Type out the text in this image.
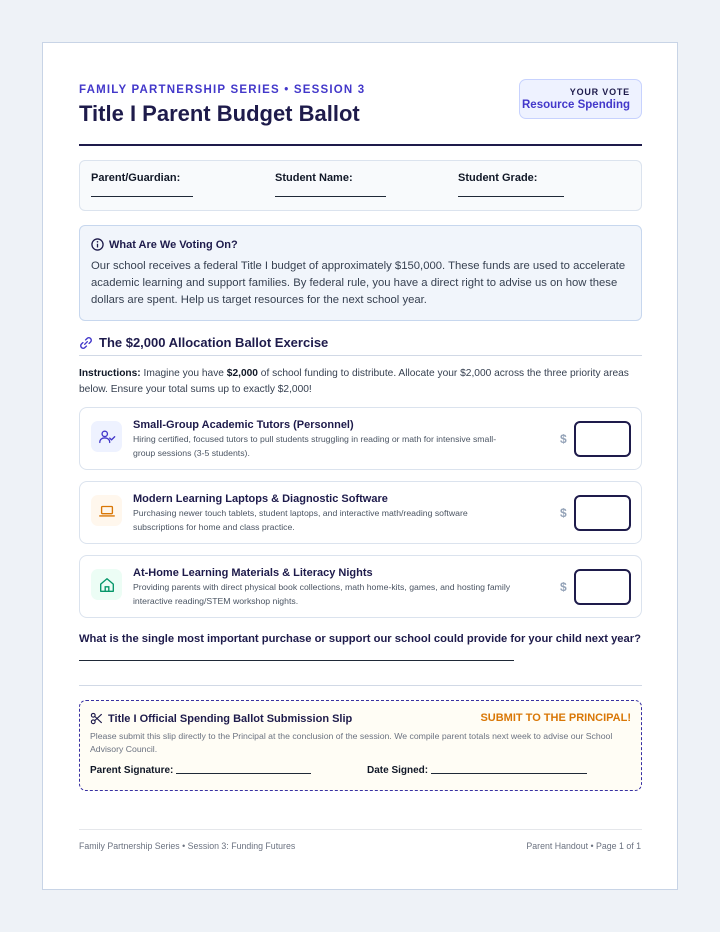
FAMILY PARTNERSHIP SERIES • SESSION 3
Title I Parent Budget Ballot
YOUR VOTE
Resource Spending
Parent/Guardian:	Student Name:	Student Grade:
What Are We Voting On?
Our school receives a federal Title I budget of approximately $150,000. These funds are used to accelerate academic learning and support families. By federal rule, you have a direct right to advise us on how these dollars are spent. Help us target resources for the next school year.
The $2,000 Allocation Ballot Exercise
Instructions: Imagine you have $2,000 of school funding to distribute. Allocate your $2,000 across the three priority areas below. Ensure your total sums up to exactly $2,000!
Small-Group Academic Tutors (Personnel)
Hiring certified, focused tutors to pull students struggling in reading or math for intensive small-group sessions (3-5 students).
$
Modern Learning Laptops & Diagnostic Software
Purchasing newer touch tablets, student laptops, and interactive math/reading software subscriptions for home and class practice.
$
At-Home Learning Materials & Literacy Nights
Providing parents with direct physical book collections, math home-kits, games, and hosting family interactive reading/STEM workshop nights.
$
What is the single most important purchase or support our school could provide for your child next year?
Title I Official Spending Ballot Submission Slip	SUBMIT TO THE PRINCIPAL!
Please submit this slip directly to the Principal at the conclusion of the session. We compile parent totals next week to advise our School Advisory Council.
Parent Signature:	Date Signed:
Family Partnership Series • Session 3: Funding Futures	Parent Handout • Page 1 of 1
